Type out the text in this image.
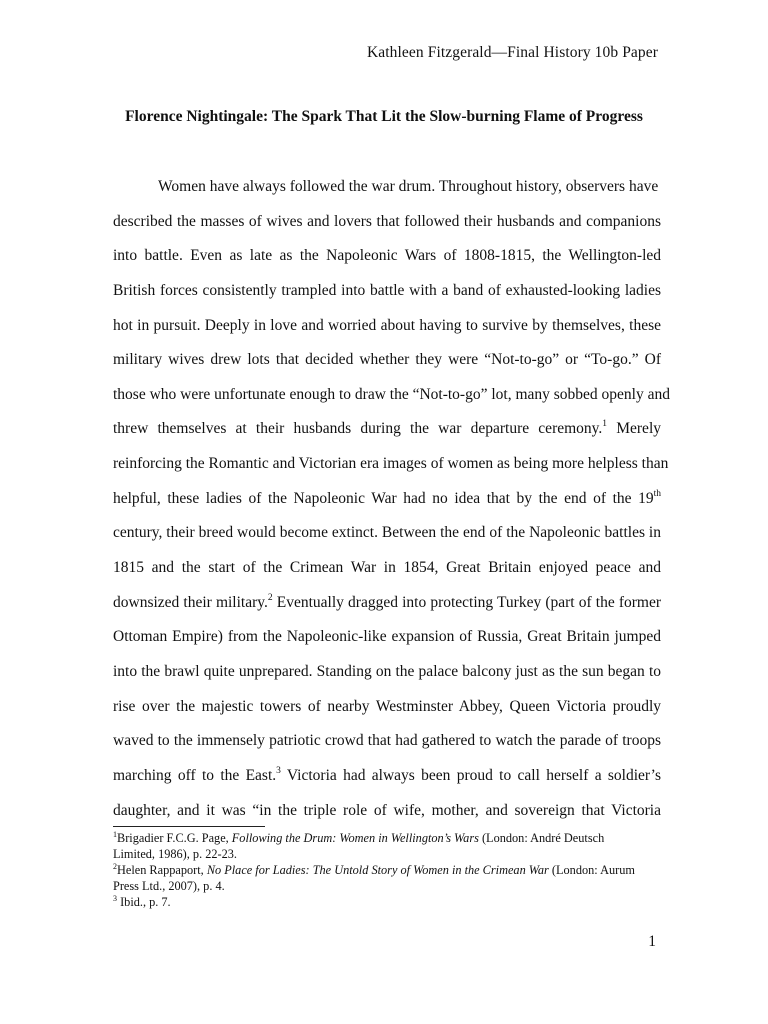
Kathleen Fitzgerald—Final History 10b Paper
Florence Nightingale: The Spark That Lit the Slow-burning Flame of Progress
Women have always followed the war drum. Throughout history, observers have
described the masses of wives and lovers that followed their husbands and companions
into battle. Even as late as the Napoleonic Wars of 1808-1815, the Wellington-led
British forces consistently trampled into battle with a band of exhausted-looking ladies
hot in pursuit. Deeply in love and worried about having to survive by themselves, these
military wives drew lots that decided whether they were “Not-to-go” or “To-go.” Of
those who were unfortunate enough to draw the “Not-to-go” lot, many sobbed openly and
threw themselves at their husbands during the war departure ceremony.$^1$ Merely
reinforcing the Romantic and Victorian era images of women as being more helpless than
helpful, these ladies of the Napoleonic War had no idea that by the end of the 19th
century, their breed would become extinct. Between the end of the Napoleonic battles in
1815 and the start of the Crimean War in 1854, Great Britain enjoyed peace and
downsized their military.$^2$ Eventually dragged into protecting Turkey (part of the former
Ottoman Empire) from the Napoleonic-like expansion of Russia, Great Britain jumped
into the brawl quite unprepared. Standing on the palace balcony just as the sun began to
rise over the majestic towers of nearby Westminster Abbey, Queen Victoria proudly
waved to the immensely patriotic crowd that had gathered to watch the parade of troops
marching off to the East.$^3$ Victoria had always been proud to call herself a soldier’s
daughter, and it was “in the triple role of wife, mother, and sovereign that Victoria
$^1$Brigadier F.C.G. Page, Following the Drum: Women in Wellington’s Wars (London: André Deutsch
Limited, 1986), p. 22-23.
$^2$Helen Rappaport, No Place for Ladies: The Untold Story of Women in the Crimean War (London: Aurum
Press Ltd., 2007), p. 4.
$^3$ Ibid., p. 7.
1
